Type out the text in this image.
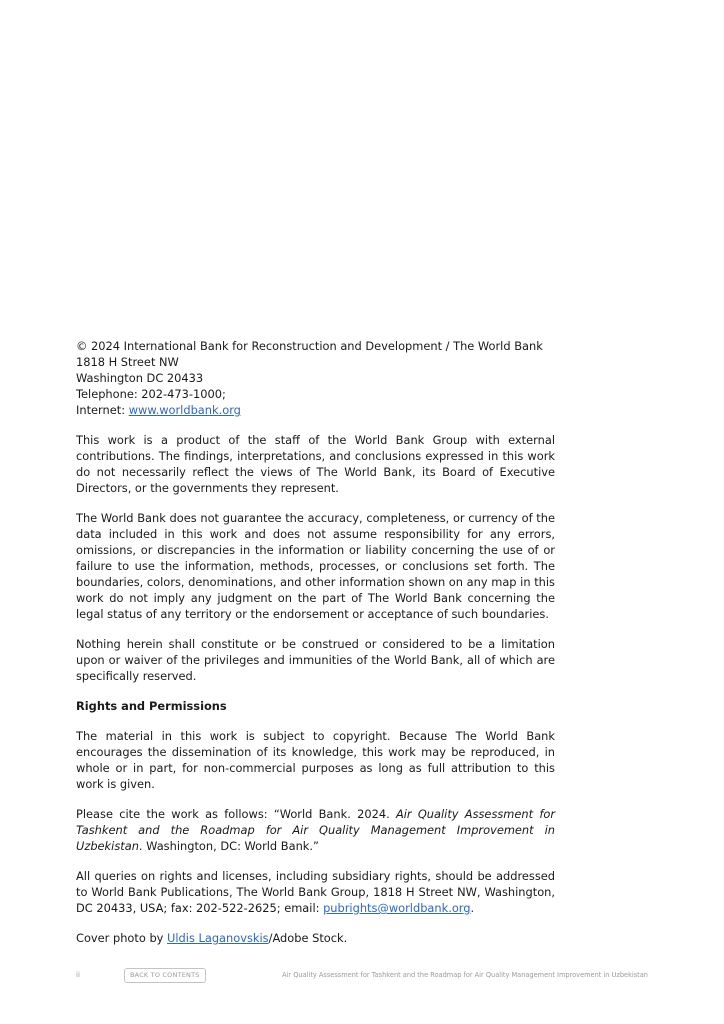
© 2024 International Bank for Reconstruction and Development / The World Bank
1818 H Street NW
Washington DC 20433
Telephone: 202-473-1000;
Internet: www.worldbank.org

This work is a product of the staff of the World Bank Group with external contributions. The findings, interpretations, and conclusions expressed in this work do not necessarily reflect the views of The World Bank, its Board of Executive Directors, or the governments they represent.

The World Bank does not guarantee the accuracy, completeness, or currency of the data included in this work and does not assume responsibility for any errors, omissions, or discrepancies in the information or liability concerning the use of or failure to use the information, methods, processes, or conclusions set forth. The boundaries, colors, denominations, and other information shown on any map in this work do not imply any judgment on the part of The World Bank concerning the legal status of any territory or the endorsement or acceptance of such boundaries.

Nothing herein shall constitute or be construed or considered to be a limitation upon or waiver of the privileges and immunities of the World Bank, all of which are specifically reserved.

Rights and Permissions

The material in this work is subject to copyright. Because The World Bank encourages the dissemination of its knowledge, this work may be reproduced, in whole or in part, for non-commercial purposes as long as full attribution to this work is given.

Please cite the work as follows: “World Bank. 2024. Air Quality Assessment for Tashkent and the Roadmap for Air Quality Management Improvement in Uzbekistan. Washington, DC: World Bank.”

All queries on rights and licenses, including subsidiary rights, should be addressed to World Bank Publications, The World Bank Group, 1818 H Street NW, Washington, DC 20433, USA; fax: 202-522-2625; email: pubrights@worldbank.org.

Cover photo by Uldis Laganovskis/Adobe Stock.

ii	BACK TO CONTENTS	Air Quality Assessment for Tashkent and the Roadmap for Air Quality Management Improvement in Uzbekistan
